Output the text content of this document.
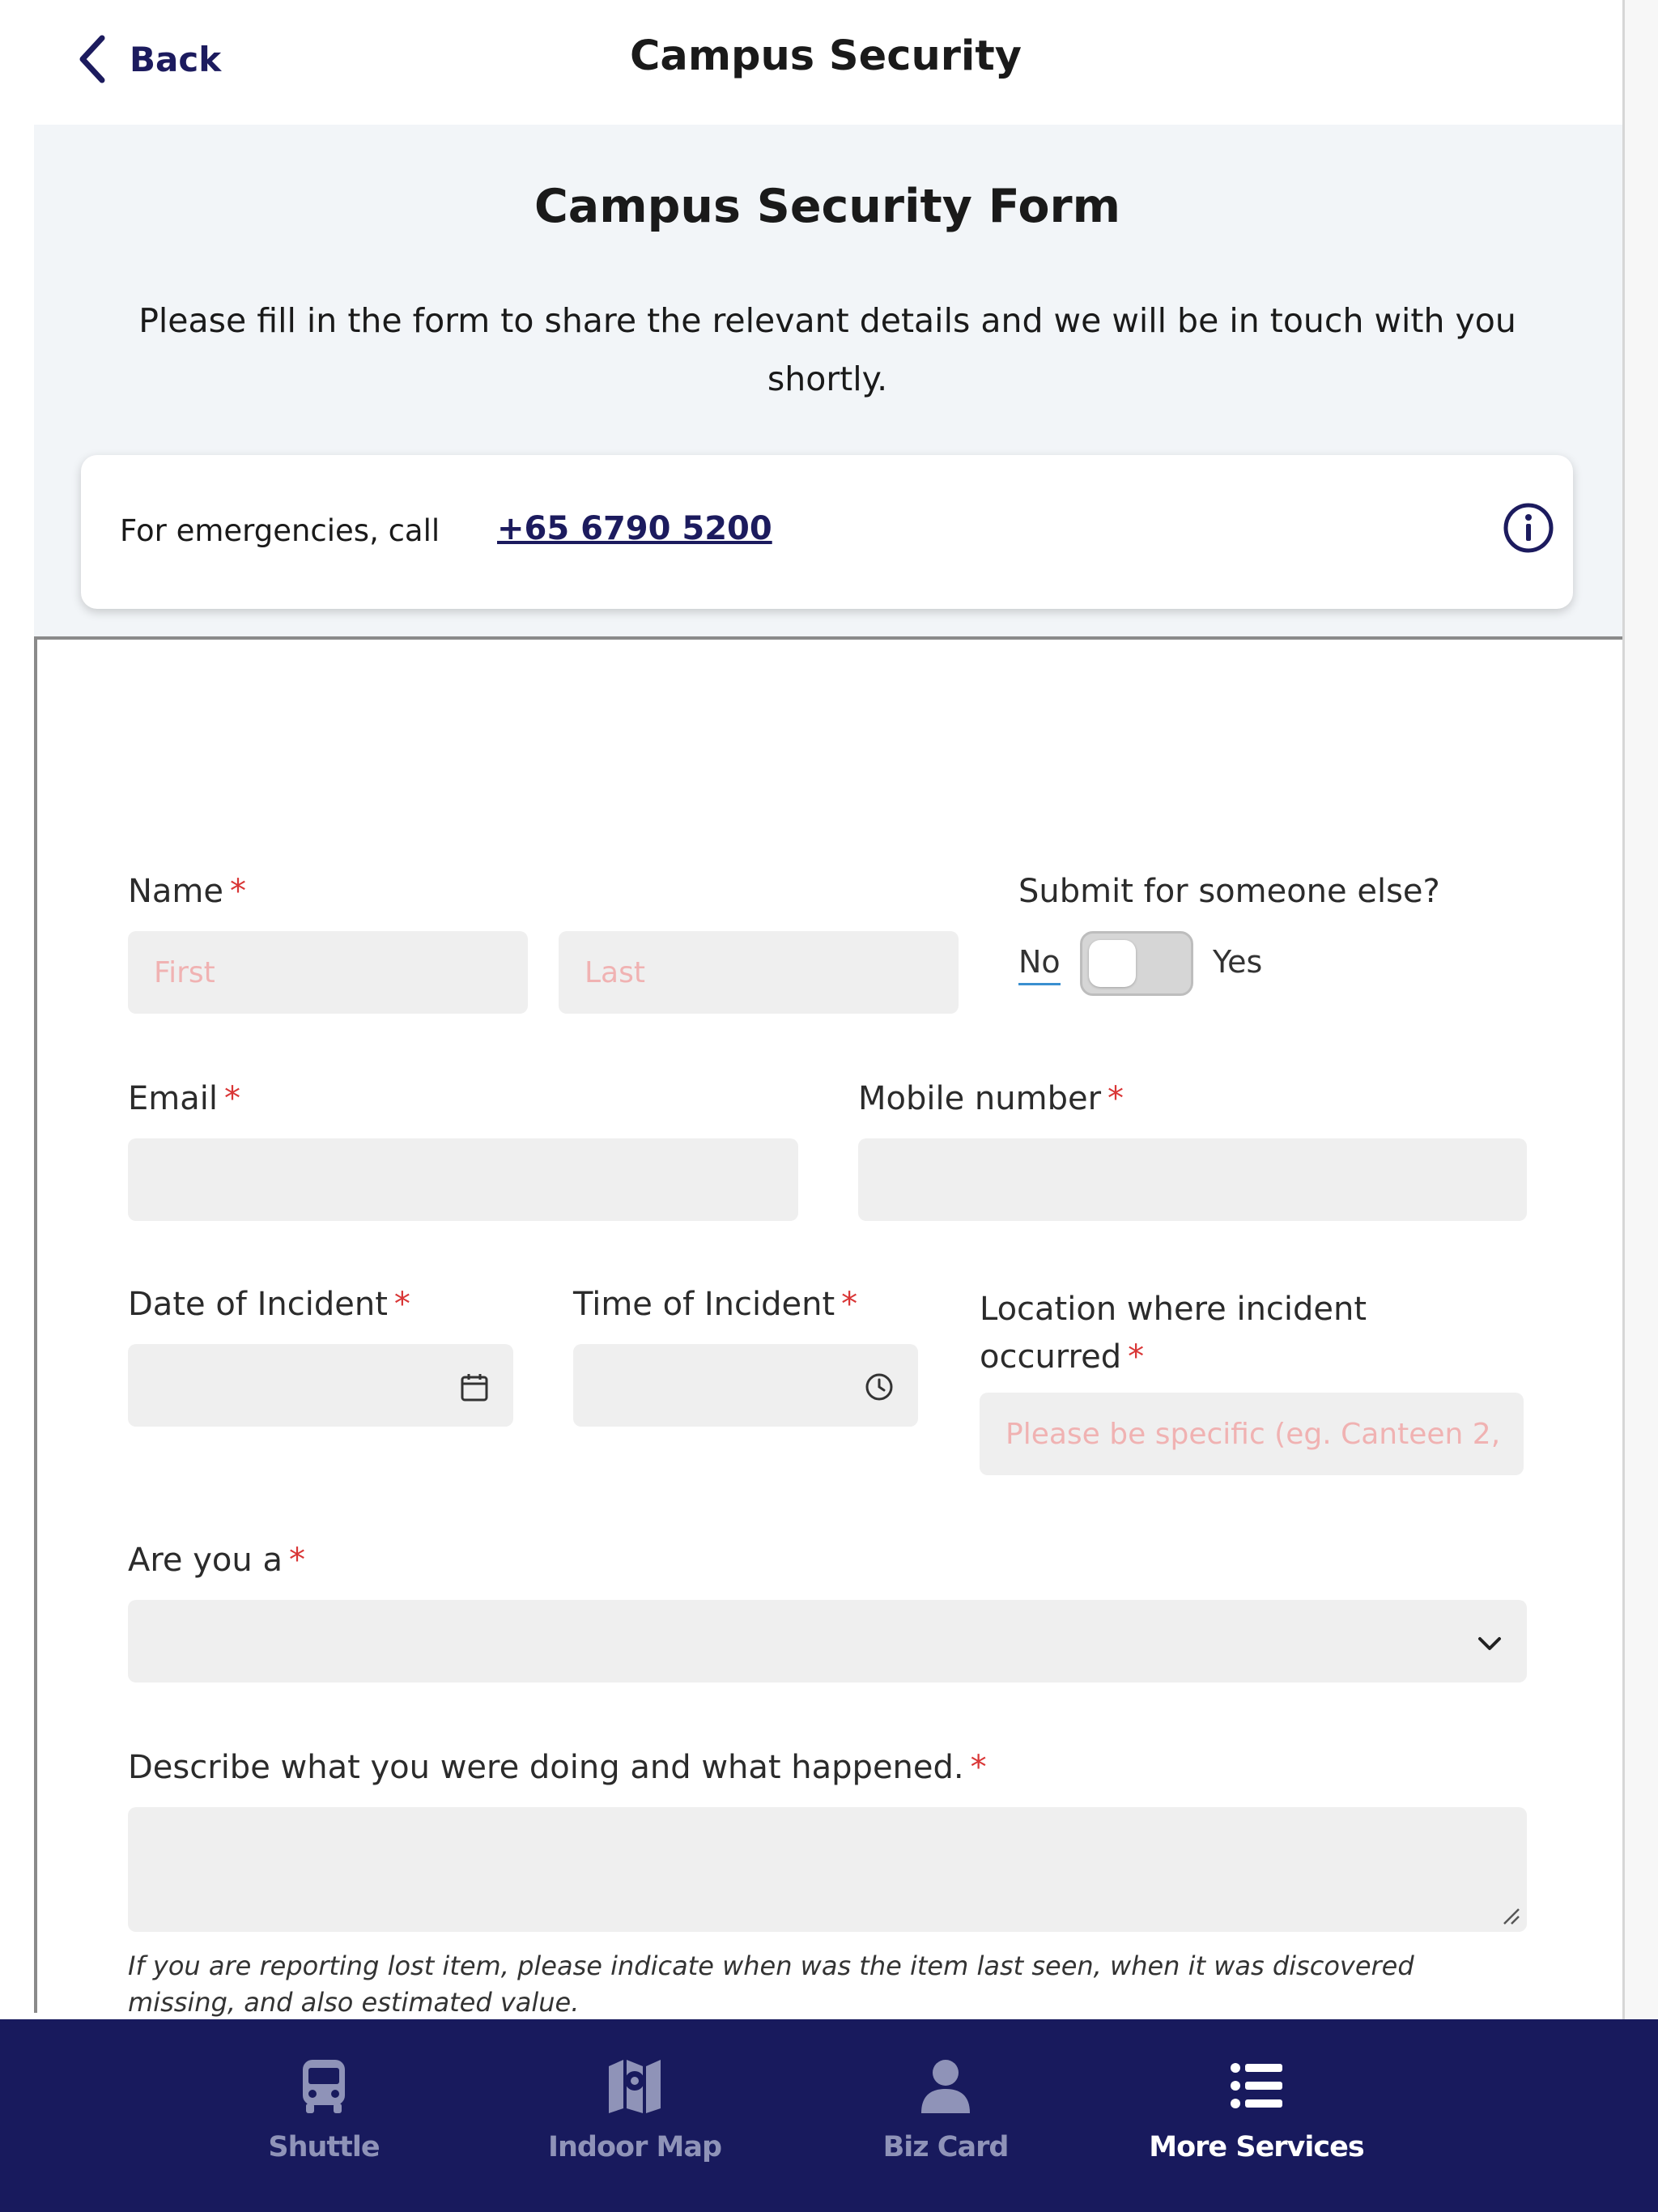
Back	Campus Security
Campus Security Form
Please fill in the form to share the relevant details and we will be in touch with you shortly.
For emergencies, call +65 6790 5200
Name *
First
Last	Submit for someone else?
No	Yes
Email *	Mobile number *
Date of Incident *	Time of Incident *	Location where incident occurred *
Please be specific (eg. Canteen 2, Block A)
Are you a *
Describe what you were doing and what happened. *
If you are reporting lost item, please indicate when was the item last seen, when it was discovered missing, and also estimated value.
Shuttle	Indoor Map	Biz Card	More Services
